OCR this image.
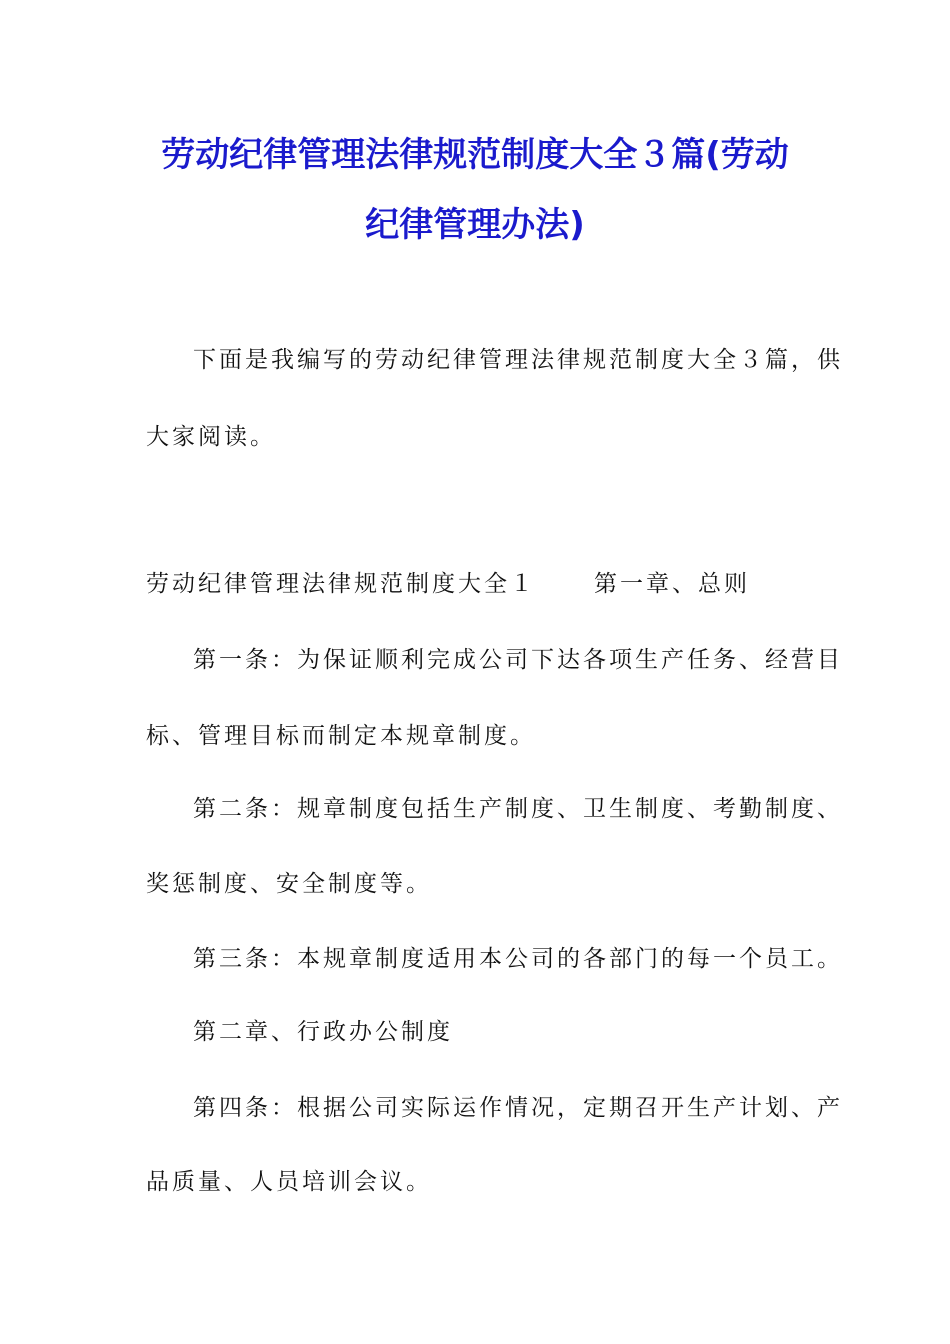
劳动纪律管理法律规范制度大全３篇(劳动
纪律管理办法)
下面是我编写的劳动纪律管理法律规范制度大全３篇，供
大家阅读。
劳动纪律管理法律规范制度大全１	第一章、总则
第一条：为保证顺利完成公司下达各项生产任务、经营目
标、管理目标而制定本规章制度。
第二条：规章制度包括生产制度、卫生制度、考勤制度、
奖惩制度、安全制度等。
第三条：本规章制度适用本公司的各部门的每一个员工。
第二章、行政办公制度
第四条：根据公司实际运作情况，定期召开生产计划、产
品质量、人员培训会议。
